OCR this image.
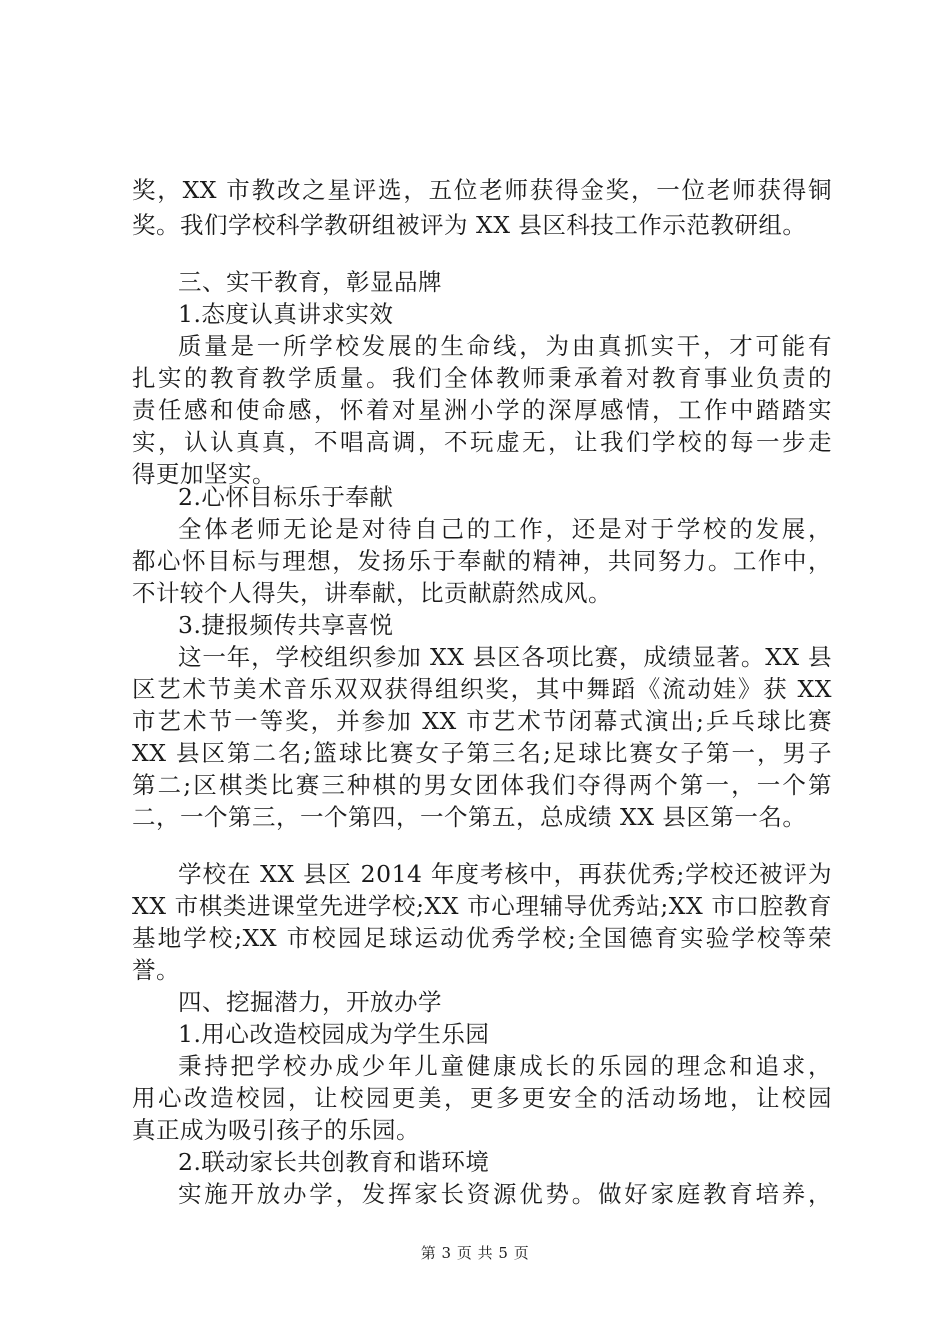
奖，XX 市教改之星评选，五位老师获得金奖，一位老师获得铜
奖。我们学校科学教研组被评为 XX 县区科技工作示范教研组。
三、实干教育，彰显品牌
1.态度认真讲求实效
质量是一所学校发展的生命线，为由真抓实干，才可能有
扎实的教育教学质量。我们全体教师秉承着对教育事业负责的
责任感和使命感，怀着对星洲小学的深厚感情，工作中踏踏实
实，认认真真，不唱高调，不玩虚无，让我们学校的每一步走
得更加坚实。
2.心怀目标乐于奉献
全体老师无论是对待自己的工作，还是对于学校的发展，
都心怀目标与理想，发扬乐于奉献的精神，共同努力。工作中，
不计较个人得失，讲奉献，比贡献蔚然成风。
3.捷报频传共享喜悦
这一年，学校组织参加 XX 县区各项比赛，成绩显著。XX 县
区艺术节美术音乐双双获得组织奖，其中舞蹈《流动娃》获 XX
市艺术节一等奖，并参加 XX 市艺术节闭幕式演出;乒乓球比赛
XX 县区第二名;篮球比赛女子第三名;足球比赛女子第一，男子
第二;区棋类比赛三种棋的男女团体我们夺得两个第一，一个第
二，一个第三，一个第四，一个第五，总成绩 XX 县区第一名。
学校在 XX 县区 2014 年度考核中，再获优秀;学校还被评为
XX 市棋类进课堂先进学校;XX 市心理辅导优秀站;XX 市口腔教育
基地学校;XX 市校园足球运动优秀学校;全国德育实验学校等荣
誉。
四、挖掘潜力，开放办学
1.用心改造校园成为学生乐园
秉持把学校办成少年儿童健康成长的乐园的理念和追求，
用心改造校园，让校园更美，更多更安全的活动场地，让校园
真正成为吸引孩子的乐园。
2.联动家长共创教育和谐环境
实施开放办学，发挥家长资源优势。做好家庭教育培养，
第 3 页 共 5 页
